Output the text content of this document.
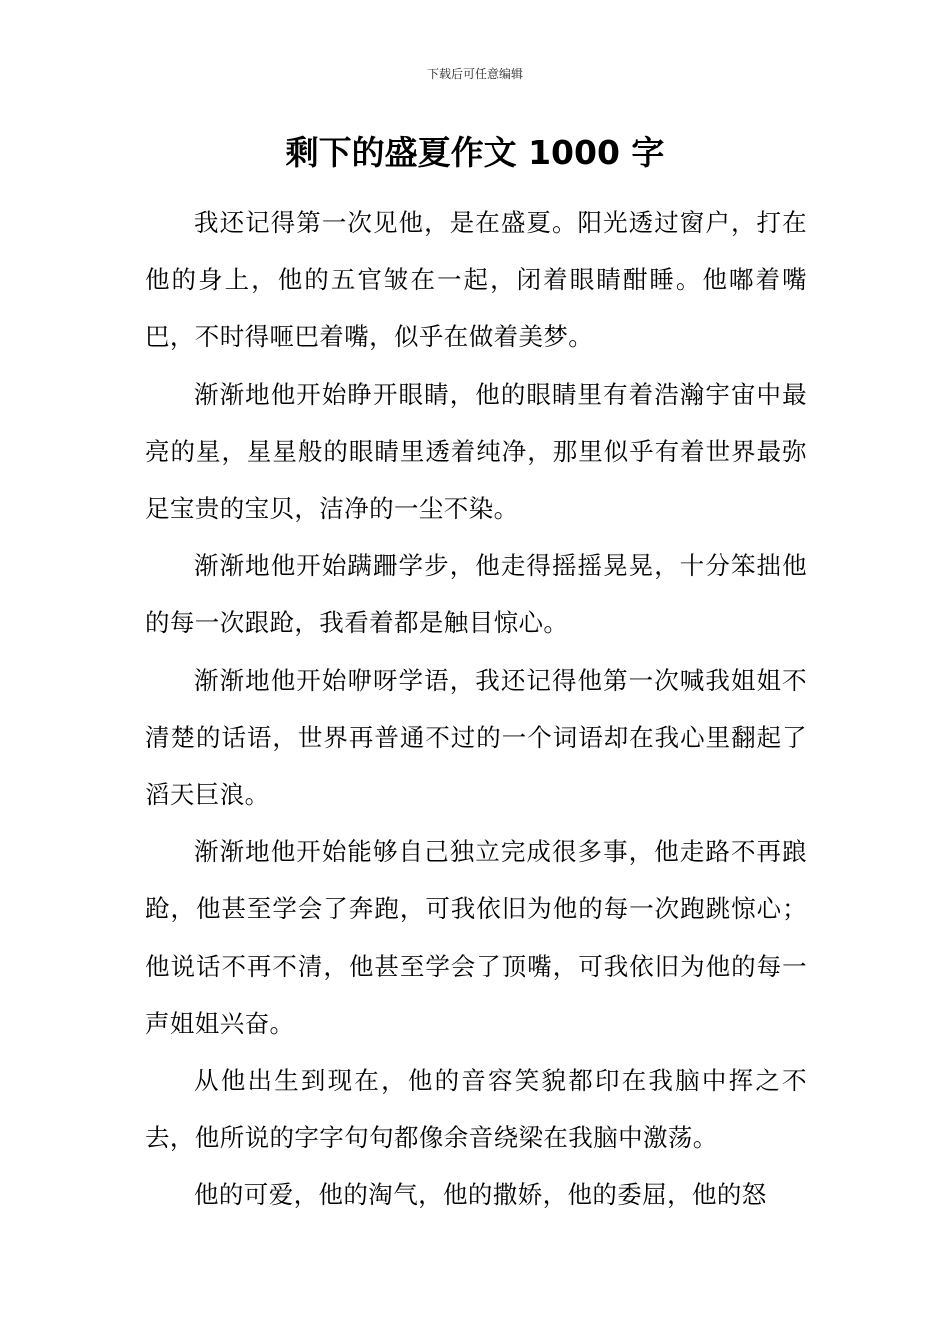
下载后可任意编辑
剩下的盛夏作文 1000 字

我还记得第一次见他，是在盛夏。阳光透过窗户，打在他的身上，他的五官皱在一起，闭着眼睛酣睡。他嘟着嘴巴，不时得咂巴着嘴，似乎在做着美梦。

渐渐地他开始睁开眼睛，他的眼睛里有着浩瀚宇宙中最亮的星，星星般的眼睛里透着纯净，那里似乎有着世界最弥足宝贵的宝贝，洁净的一尘不染。

渐渐地他开始蹒跚学步，他走得摇摇晃晃，十分笨拙他的每一次跟跄，我看着都是触目惊心。

渐渐地他开始咿呀学语，我还记得他第一次喊我姐姐不清楚的话语，世界再普通不过的一个词语却在我心里翻起了滔天巨浪。

渐渐地他开始能够自己独立完成很多事，他走路不再踉跄，他甚至学会了奔跑，可我依旧为他的每一次跑跳惊心；他说话不再不清，他甚至学会了顶嘴，可我依旧为他的每一声姐姐兴奋。

从他出生到现在，他的音容笑貌都印在我脑中挥之不去，他所说的字字句句都像余音绕梁在我脑中激荡。

他的可爱，他的淘气，他的撒娇，他的委屈，他的怒
